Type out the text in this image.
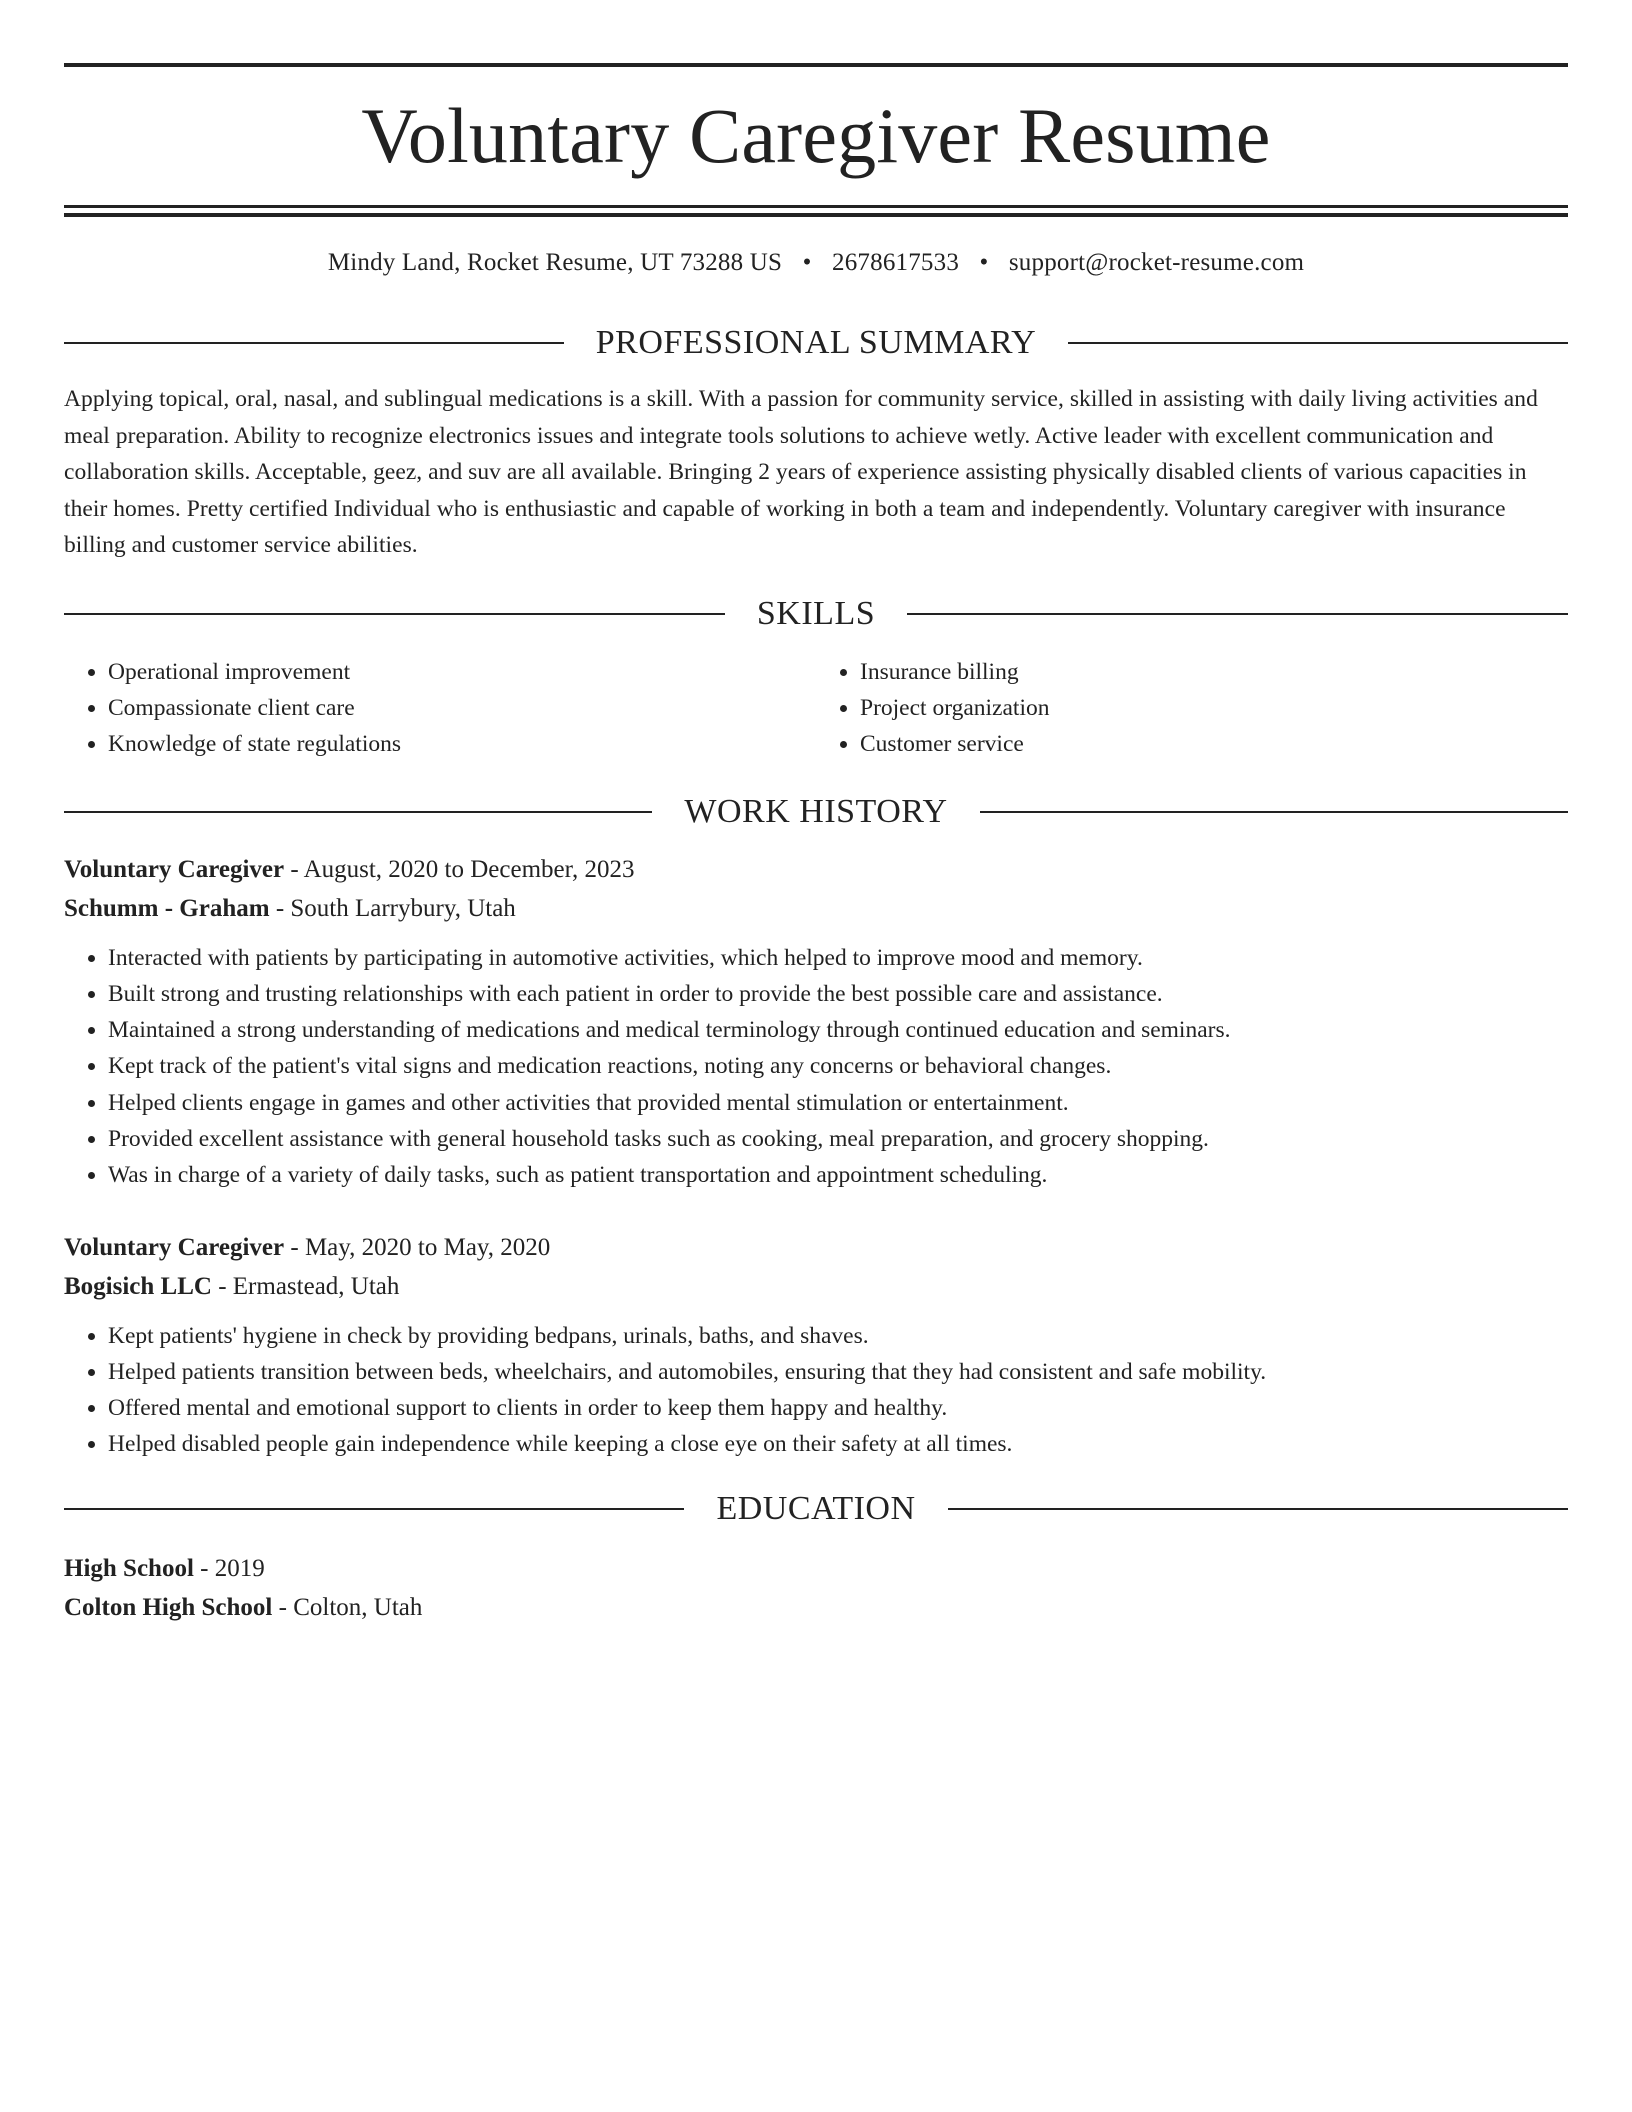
Voluntary Caregiver Resume
Mindy Land, Rocket Resume, UT 73288 US • 2678617533 • support@rocket-resume.com
PROFESSIONAL SUMMARY
Applying topical, oral, nasal, and sublingual medications is a skill. With a passion for community service, skilled in assisting with daily living activities and meal preparation. Ability to recognize electronics issues and integrate tools solutions to achieve wetly. Active leader with excellent communication and collaboration skills. Acceptable, geez, and suv are all available. Bringing 2 years of experience assisting physically disabled clients of various capacities in their homes. Pretty certified Individual who is enthusiastic and capable of working in both a team and independently. Voluntary caregiver with insurance billing and customer service abilities.
SKILLS
• Operational improvement
• Compassionate client care
• Knowledge of state regulations
• Insurance billing
• Project organization
• Customer service
WORK HISTORY
Voluntary Caregiver - August, 2020 to December, 2023
Schumm - Graham - South Larrybury, Utah
• Interacted with patients by participating in automotive activities, which helped to improve mood and memory.
• Built strong and trusting relationships with each patient in order to provide the best possible care and assistance.
• Maintained a strong understanding of medications and medical terminology through continued education and seminars.
• Kept track of the patient's vital signs and medication reactions, noting any concerns or behavioral changes.
• Helped clients engage in games and other activities that provided mental stimulation or entertainment.
• Provided excellent assistance with general household tasks such as cooking, meal preparation, and grocery shopping.
• Was in charge of a variety of daily tasks, such as patient transportation and appointment scheduling.
Voluntary Caregiver - May, 2020 to May, 2020
Bogisich LLC - Ermastead, Utah
• Kept patients' hygiene in check by providing bedpans, urinals, baths, and shaves.
• Helped patients transition between beds, wheelchairs, and automobiles, ensuring that they had consistent and safe mobility.
• Offered mental and emotional support to clients in order to keep them happy and healthy.
• Helped disabled people gain independence while keeping a close eye on their safety at all times.
EDUCATION
High School - 2019
Colton High School - Colton, Utah
